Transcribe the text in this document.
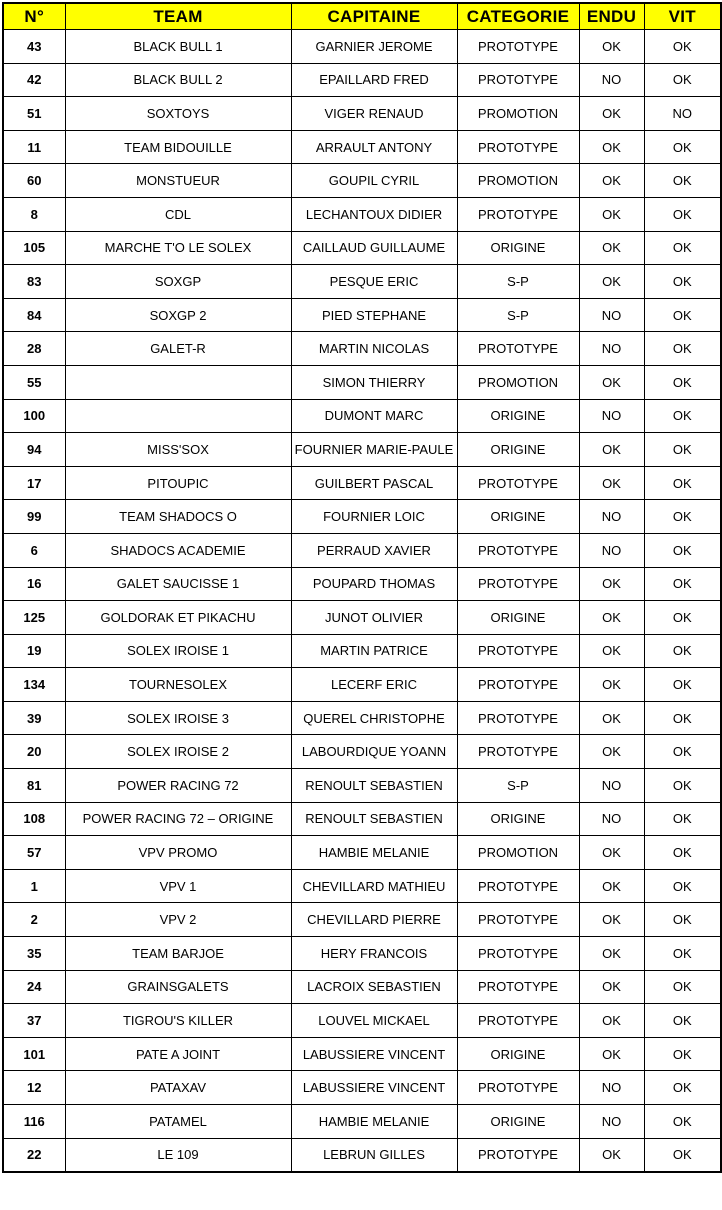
N°	TEAM	CAPITAINE	CATEGORIE	ENDU	VIT
43	BLACK BULL 1	GARNIER JEROME	PROTOTYPE	OK	OK
42	BLACK BULL 2	EPAILLARD FRED	PROTOTYPE	NO	OK
51	SOXTOYS	VIGER RENAUD	PROMOTION	OK	NO
11	TEAM BIDOUILLE	ARRAULT ANTONY	PROTOTYPE	OK	OK
60	MONSTUEUR	GOUPIL CYRIL	PROMOTION	OK	OK
8	CDL	LECHANTOUX DIDIER	PROTOTYPE	OK	OK
105	MARCHE T'O LE SOLEX	CAILLAUD GUILLAUME	ORIGINE	OK	OK
83	SOXGP	PESQUE ERIC	S-P	OK	OK
84	SOXGP 2	PIED STEPHANE	S-P	NO	OK
28	GALET-R	MARTIN NICOLAS	PROTOTYPE	NO	OK
55		SIMON THIERRY	PROMOTION	OK	OK
100		DUMONT MARC	ORIGINE	NO	OK
94	MISS'SOX	FOURNIER MARIE-PAULE	ORIGINE	OK	OK
17	PITOUPIC	GUILBERT PASCAL	PROTOTYPE	OK	OK
99	TEAM SHADOCS O	FOURNIER LOIC	ORIGINE	NO	OK
6	SHADOCS ACADEMIE	PERRAUD XAVIER	PROTOTYPE	NO	OK
16	GALET SAUCISSE 1	POUPARD THOMAS	PROTOTYPE	OK	OK
125	GOLDORAK ET PIKACHU	JUNOT OLIVIER	ORIGINE	OK	OK
19	SOLEX IROISE 1	MARTIN PATRICE	PROTOTYPE	OK	OK
134	TOURNESOLEX	LECERF ERIC	PROTOTYPE	OK	OK
39	SOLEX IROISE 3	QUEREL CHRISTOPHE	PROTOTYPE	OK	OK
20	SOLEX IROISE 2	LABOURDIQUE YOANN	PROTOTYPE	OK	OK
81	POWER RACING 72	RENOULT SEBASTIEN	S-P	NO	OK
108	POWER RACING 72 – ORIGINE	RENOULT SEBASTIEN	ORIGINE	NO	OK
57	VPV PROMO	HAMBIE MELANIE	PROMOTION	OK	OK
1	VPV 1	CHEVILLARD MATHIEU	PROTOTYPE	OK	OK
2	VPV 2	CHEVILLARD PIERRE	PROTOTYPE	OK	OK
35	TEAM BARJOE	HERY FRANCOIS	PROTOTYPE	OK	OK
24	GRAINSGALETS	LACROIX SEBASTIEN	PROTOTYPE	OK	OK
37	TIGROU'S KILLER	LOUVEL MICKAEL	PROTOTYPE	OK	OK
101	PATE A JOINT	LABUSSIERE VINCENT	ORIGINE	OK	OK
12	PATAXAV	LABUSSIERE VINCENT	PROTOTYPE	NO	OK
116	PATAMEL	HAMBIE MELANIE	ORIGINE	NO	OK
22	LE 109	LEBRUN GILLES	PROTOTYPE	OK	OK
